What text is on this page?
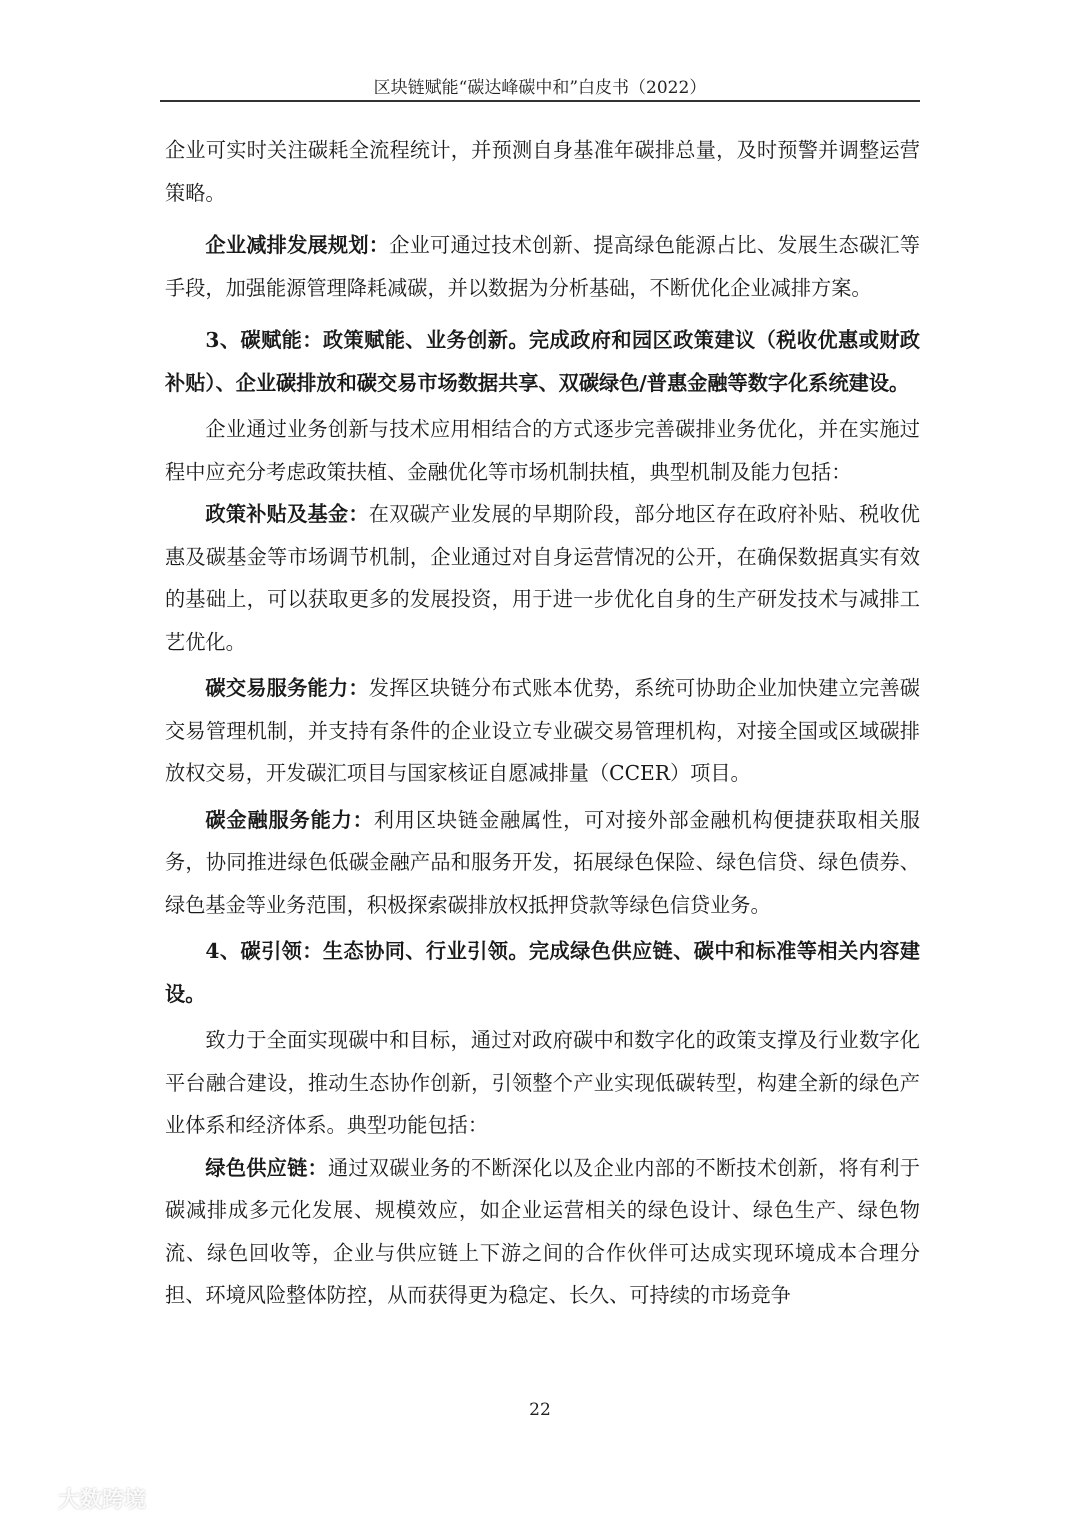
区块链赋能“碳达峰碳中和”白皮书（2022）

企业可实时关注碳耗全流程统计，并预测自身基准年碳排总量，及时预警并调整运营策略。

企业减排发展规划：企业可通过技术创新、提高绿色能源占比、发展生态碳汇等手段，加强能源管理降耗减碳，并以数据为分析基础，不断优化企业减排方案。

3、碳赋能：政策赋能、业务创新。完成政府和园区政策建议（税收优惠或财政补贴）、企业碳排放和碳交易市场数据共享、双碳绿色/普惠金融等数字化系统建设。

企业通过业务创新与技术应用相结合的方式逐步完善碳排业务优化，并在实施过程中应充分考虑政策扶植、金融优化等市场机制扶植，典型机制及能力包括：

政策补贴及基金：在双碳产业发展的早期阶段，部分地区存在政府补贴、税收优惠及碳基金等市场调节机制，企业通过对自身运营情况的公开，在确保数据真实有效的基础上，可以获取更多的发展投资，用于进一步优化自身的生产研发技术与减排工艺优化。

碳交易服务能力：发挥区块链分布式账本优势，系统可协助企业加快建立完善碳交易管理机制，并支持有条件的企业设立专业碳交易管理机构，对接全国或区域碳排放权交易，开发碳汇项目与国家核证自愿减排量（CCER）项目。

碳金融服务能力：利用区块链金融属性，可对接外部金融机构便捷获取相关服务，协同推进绿色低碳金融产品和服务开发，拓展绿色保险、绿色信贷、绿色债券、绿色基金等业务范围，积极探索碳排放权抵押贷款等绿色信贷业务。

4、碳引领：生态协同、行业引领。完成绿色供应链、碳中和标准等相关内容建设。

致力于全面实现碳中和目标，通过对政府碳中和数字化的政策支撑及行业数字化平台融合建设，推动生态协作创新，引领整个产业实现低碳转型，构建全新的绿色产业体系和经济体系。典型功能包括：

绿色供应链：通过双碳业务的不断深化以及企业内部的不断技术创新，将有利于碳减排成多元化发展、规模效应，如企业运营相关的绿色设计、绿色生产、绿色物流、绿色回收等，企业与供应链上下游之间的合作伙伴可达成实现环境成本合理分担、环境风险整体防控，从而获得更为稳定、长久、可持续的市场竞争

22
大数跨境
